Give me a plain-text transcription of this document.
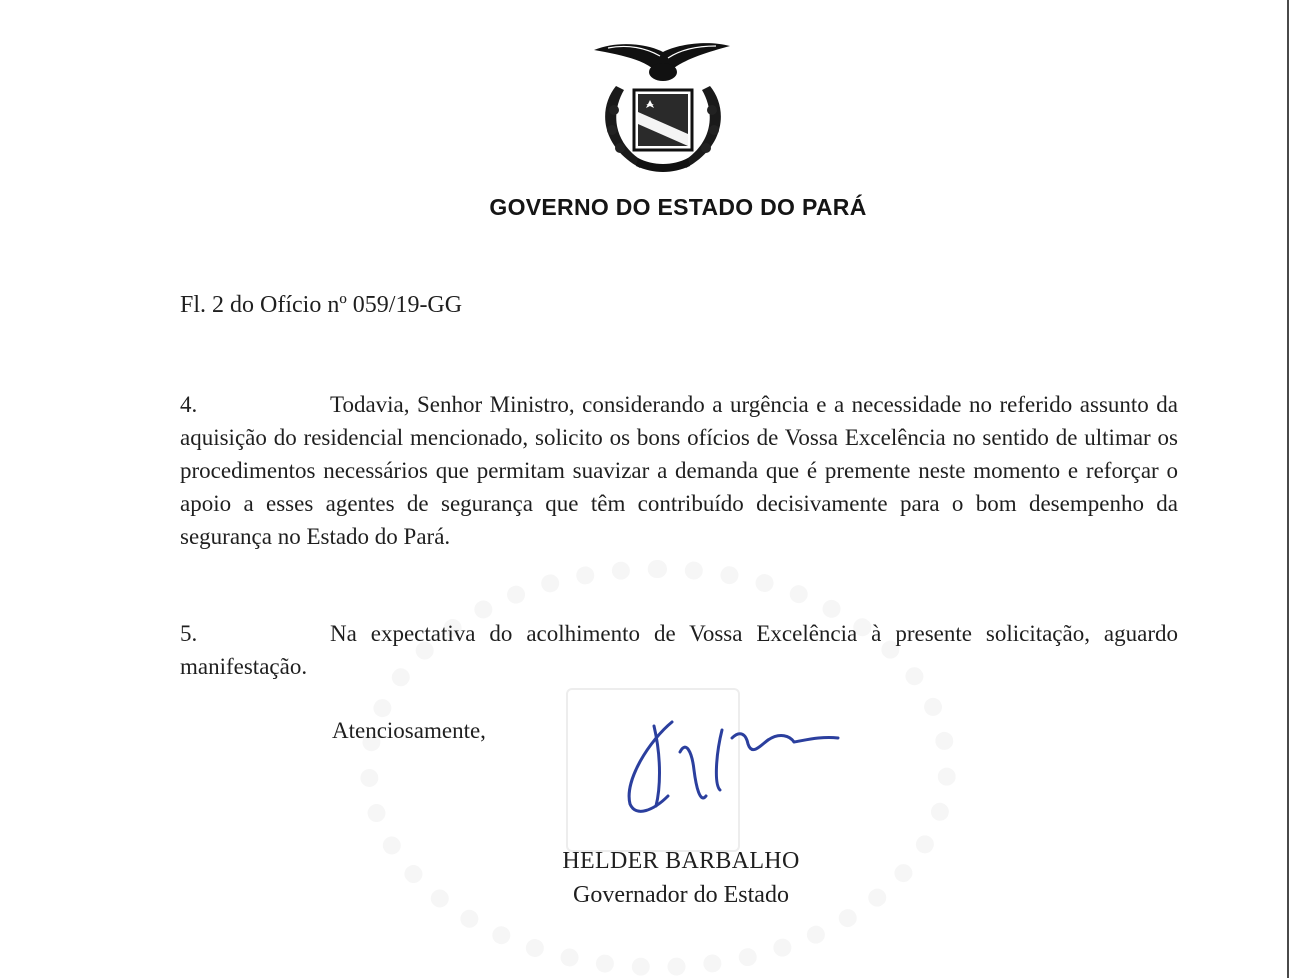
GOVERNO DO ESTADO DO PARÁ
Fl. 2 do Ofício nº 059/19-GG
4.	Todavia, Senhor Ministro, considerando a urgência e a necessidade no referido assunto da aquisição do residencial mencionado, solicito os bons ofícios de Vossa Excelência no sentido de ultimar os procedimentos necessários que permitam suavizar a demanda que é premente neste momento e reforçar o apoio a esses agentes de segurança que têm contribuído decisivamente para o bom desempenho da segurança no Estado do Pará.
5.	Na expectativa do acolhimento de Vossa Excelência à presente solicitação, aguardo manifestação.
Atenciosamente,
HELDER BARBALHO
Governador do Estado
